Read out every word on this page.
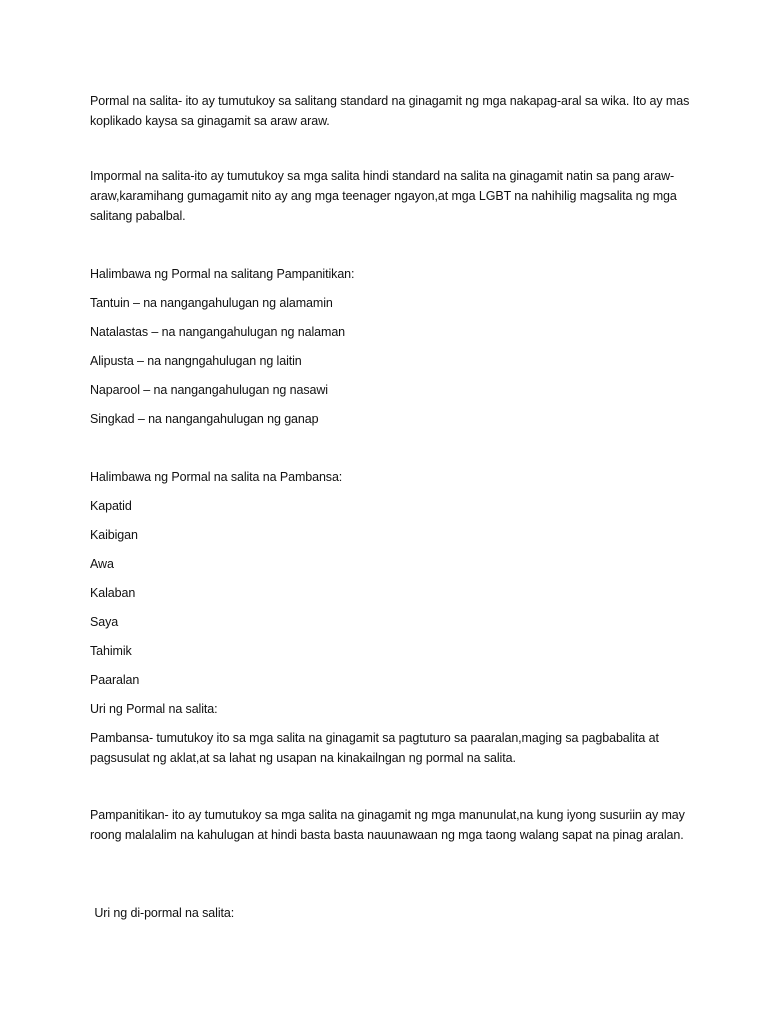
Pormal na salita- ito ay tumutukoy sa salitang standard na ginagamit ng mga nakapag-aral sa wika. Ito ay mas koplikado kaysa sa ginagamit sa araw araw.

Impormal na salita-ito ay tumutukoy sa mga salita hindi standard na salita na ginagamit natin sa pang araw-araw,karamihang gumagamit nito ay ang mga teenager ngayon,at mga LGBT na nahihilig magsalita ng mga salitang pabalbal.

Halimbawa ng Pormal na salitang Pampanitikan:

Tantuin – na nangangahulugan ng alamamin

Natalastas – na nangangahulugan ng nalaman

Alipusta – na nangngahulugan ng laitin

Naparool – na nangangahulugan ng nasawi

Singkad – na nangangahulugan ng ganap

Halimbawa ng Pormal na salita na Pambansa:

Kapatid

Kaibigan

Awa

Kalaban

Saya

Tahimik

Paaralan

Uri ng Pormal na salita:

Pambansa- tumutukoy ito sa mga salita na ginagamit sa pagtuturo sa paaralan,maging sa pagbabalita at pagsusulat ng aklat,at sa lahat ng usapan na kinakailngan ng pormal na salita.

Pampanitikan- ito ay tumutukoy sa mga salita na ginagamit ng mga manunulat,na kung iyong susuriin ay may roong malalalim na kahulugan at hindi basta basta nauunawaan ng mga taong walang sapat na pinag aralan.

Uri ng di-pormal na salita:
